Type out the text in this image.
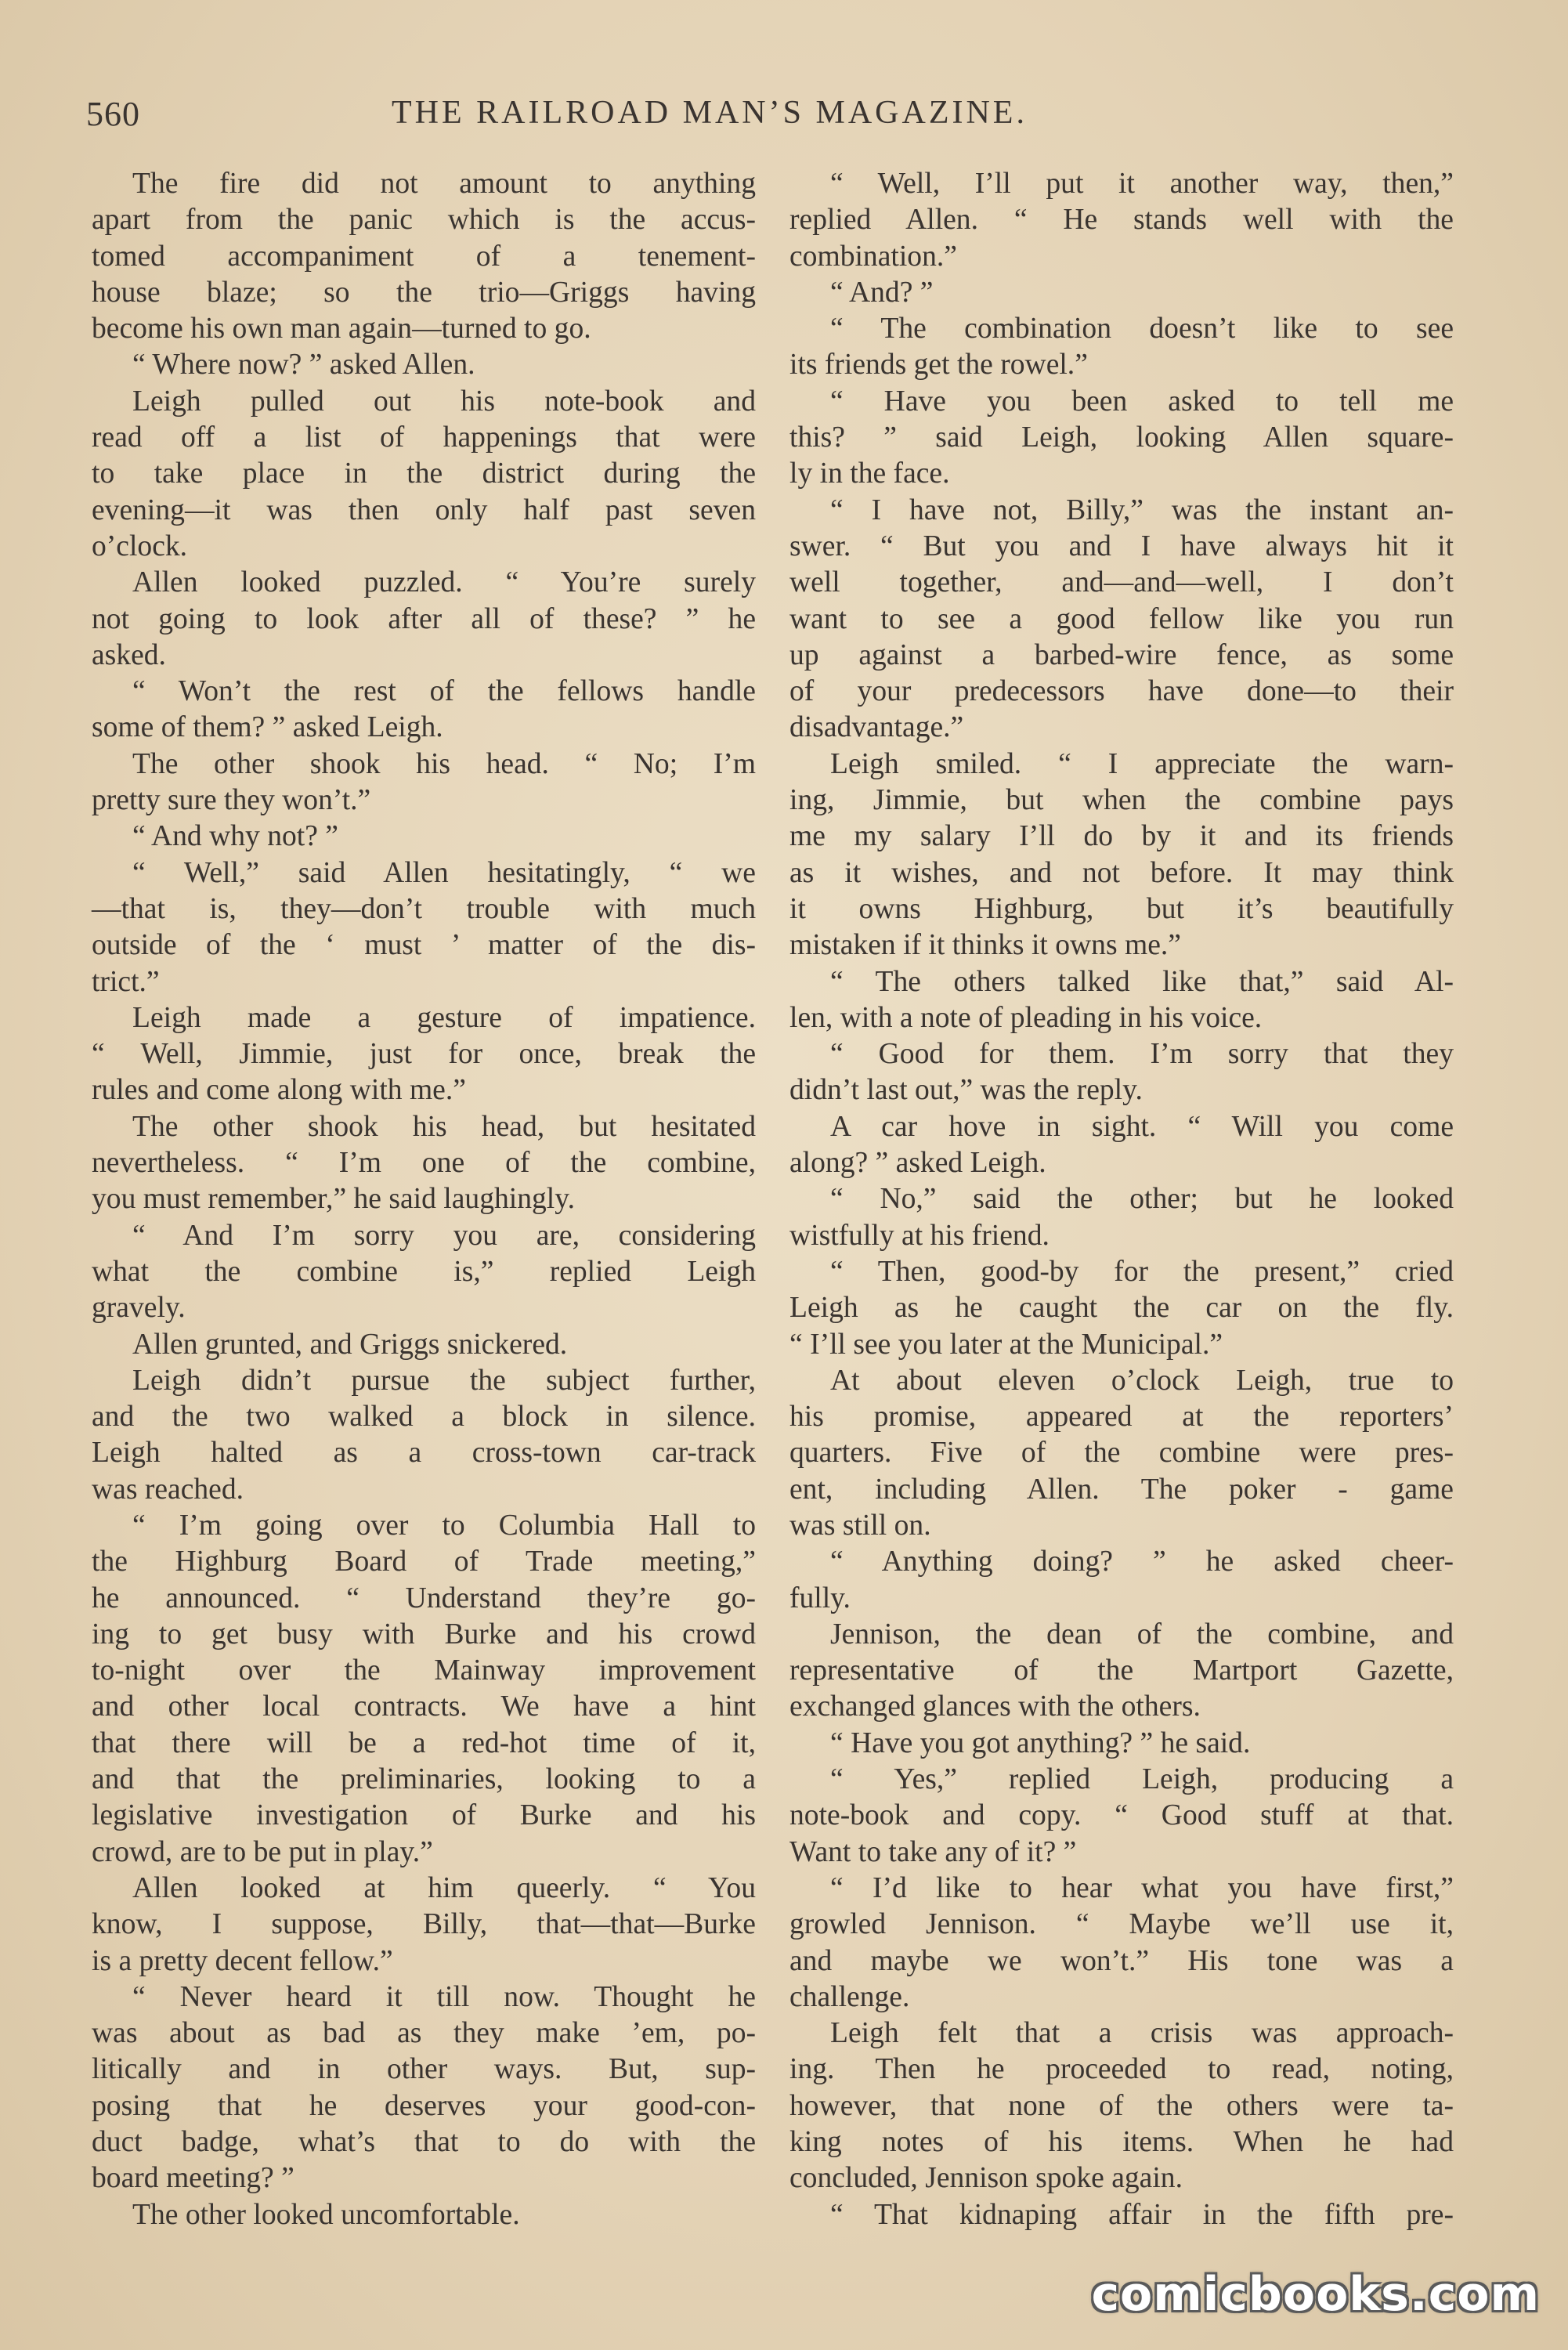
560	THE RAILROAD MAN’S MAGAZINE.

The fire did not amount to anything

apart from the panic which is the accus-

tomed accompaniment of a tenement-

house blaze; so the trio—Griggs having

become his own man again—turned to go.

“ Where now? ” asked Allen.

Leigh pulled out his note-book and

read off a list of happenings that were

to take place in the district during the

evening—it was then only half past seven

o’clock.

Allen looked puzzled. “ You’re surely

not going to look after all of these? ” he

asked.

“ Won’t the rest of the fellows handle

some of them? ” asked Leigh.

The other shook his head. “ No; I’m

pretty sure they won’t.”

“ And why not? ”

“ Well,” said Allen hesitatingly, “ we

—that is, they—don’t trouble with much

outside of the ‘ must ’ matter of the dis-

trict.”

Leigh made a gesture of impatience.

“ Well, Jimmie, just for once, break the

rules and come along with me.”

The other shook his head, but hesitated

nevertheless. “ I’m one of the combine,

you must remember,” he said laughingly.

“ And I’m sorry you are, considering

what the combine is,” replied Leigh

gravely.

Allen grunted, and Griggs snickered.

Leigh didn’t pursue the subject further,

and the two walked a block in silence.

Leigh halted as a cross-town car-track

was reached.

“ I’m going over to Columbia Hall to

the Highburg Board of Trade meeting,”

he announced. “ Understand they’re go-

ing to get busy with Burke and his crowd

to-night over the Mainway improvement

and other local contracts. We have a hint

that there will be a red-hot time of it,

and that the preliminaries, looking to a

legislative investigation of Burke and his

crowd, are to be put in play.”

Allen looked at him queerly. “ You

know, I suppose, Billy, that—that—Burke

is a pretty decent fellow.”

“ Never heard it till now. Thought he

was about as bad as they make ’em, po-

litically and in other ways. But, sup-

posing that he deserves your good-con-

duct badge, what’s that to do with the

board meeting? ”

The other looked uncomfortable.

“ Well, I’ll put it another way, then,”

replied Allen. “ He stands well with the

combination.”

“ And? ”

“ The combination doesn’t like to see

its friends get the rowel.”

“ Have you been asked to tell me

this? ” said Leigh, looking Allen square-

ly in the face.

“ I have not, Billy,” was the instant an-

swer. “ But you and I have always hit it

well together, and—and—well, I don’t

want to see a good fellow like you run

up against a barbed-wire fence, as some

of your predecessors have done—to their

disadvantage.”

Leigh smiled. “ I appreciate the warn-

ing, Jimmie, but when the combine pays

me my salary I’ll do by it and its friends

as it wishes, and not before. It may think

it owns Highburg, but it’s beautifully

mistaken if it thinks it owns me.”

“ The others talked like that,” said Al-

len, with a note of pleading in his voice.

“ Good for them. I’m sorry that they

didn’t last out,” was the reply.

A car hove in sight. “ Will you come

along? ” asked Leigh.

“ No,” said the other; but he looked

wistfully at his friend.

“ Then, good-by for the present,” cried

Leigh as he caught the car on the fly.

“ I’ll see you later at the Municipal.”

At about eleven o’clock Leigh, true to

his promise, appeared at the reporters’

quarters. Five of the combine were pres-

ent, including Allen. The poker - game

was still on.

“ Anything doing? ” he asked cheer-

fully.

Jennison, the dean of the combine, and

representative of the Martport Gazette,

exchanged glances with the others.

“ Have you got anything? ” he said.

“ Yes,” replied Leigh, producing a

note-book and copy. “ Good stuff at that.

Want to take any of it? ”

“ I’d like to hear what you have first,”

growled Jennison. “ Maybe we’ll use it,

and maybe we won’t.” His tone was a

challenge.

Leigh felt that a crisis was approach-

ing. Then he proceeded to read, noting,

however, that none of the others were ta-

king notes of his items. When he had

concluded, Jennison spoke again.

“ That kidnaping affair in the fifth pre-

comicbooks.com
